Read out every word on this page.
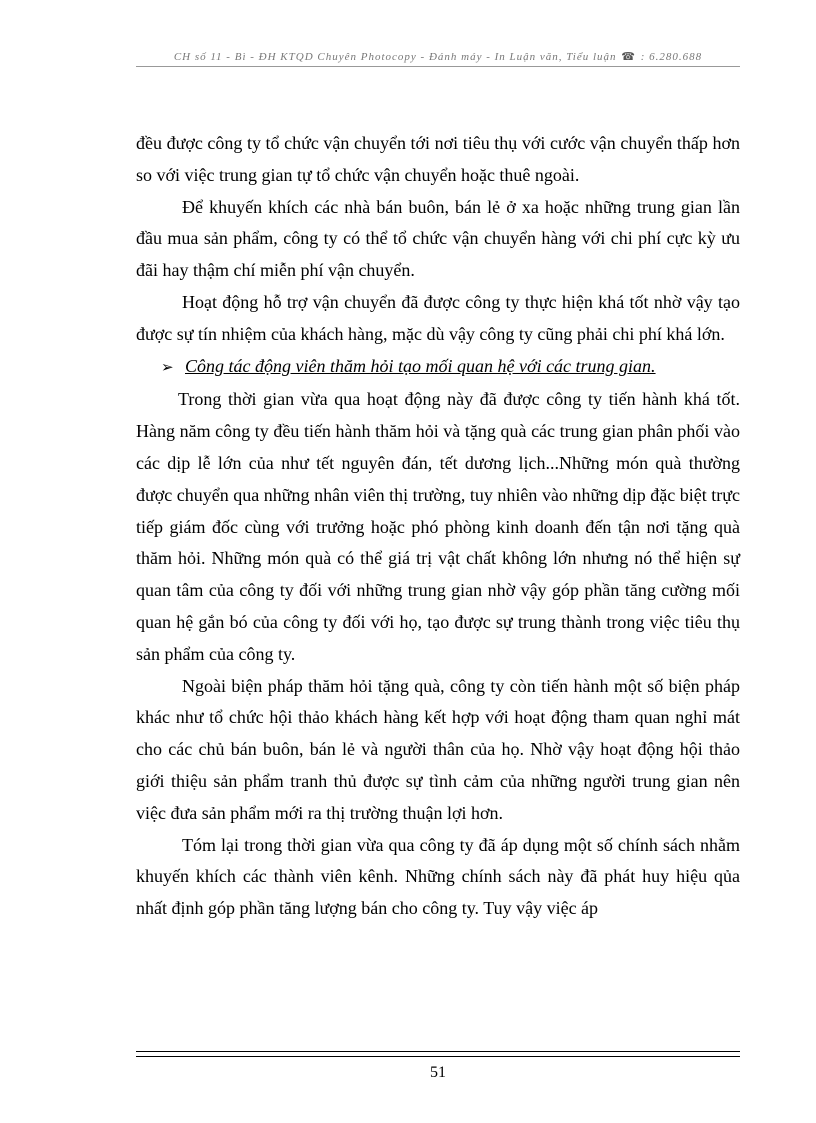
CH số 11 - Bì - ĐH KTQD Chuyên Photocopy - Đánh máy - In Luận văn, Tiểu luận ☎ : 6.280.688

đều được công ty tổ chức vận chuyển tới nơi tiêu thụ với cước vận chuyển thấp hơn so với việc trung gian tự tổ chức vận chuyển hoặc thuê ngoài.

Để khuyến khích các nhà bán buôn, bán lẻ ở xa hoặc những trung gian lần đầu mua sản phẩm, công ty có thể tổ chức vận chuyển hàng với chi phí cực kỳ ưu đãi hay thậm chí miễn phí vận chuyển.

Hoạt động hỗ trợ vận chuyển đã được công ty thực hiện khá tốt nhờ vậy tạo được sự tín nhiệm của khách hàng, mặc dù vậy công ty cũng phải chi phí khá lớn.

➢ Công tác động viên thăm hỏi tạo mối quan hệ với các trung gian.

Trong thời gian vừa qua hoạt động này đã được công ty tiến hành khá tốt. Hàng năm công ty đều tiến hành thăm hỏi và tặng quà các trung gian phân phối vào các dịp lễ lớn của như tết nguyên đán, tết dương lịch...Những món quà thường được chuyển qua những nhân viên thị trường, tuy nhiên vào những dịp đặc biệt trực tiếp giám đốc cùng với trưởng hoặc phó phòng kinh doanh đến tận nơi tặng quà thăm hỏi. Những món quà có thể giá trị vật chất không lớn nhưng nó thể hiện sự quan tâm của công ty đối với những trung gian nhờ vậy góp phần tăng cường mối quan hệ gắn bó của công ty đối với họ, tạo được sự trung thành trong việc tiêu thụ sản phẩm của công ty.

Ngoài biện pháp thăm hỏi tặng quà, công ty còn tiến hành một số biện pháp khác như tổ chức hội thảo khách hàng kết hợp với hoạt động tham quan nghỉ mát cho các chủ bán buôn, bán lẻ và người thân của họ. Nhờ vậy hoạt động hội thảo giới thiệu sản phẩm tranh thủ được sự tình cảm của những người trung gian nên việc đưa sản phẩm mới ra thị trường thuận lợi hơn.

Tóm lại trong thời gian vừa qua công ty đã áp dụng một số chính sách nhằm khuyến khích các thành viên kênh. Những chính sách này đã phát huy hiệu qủa nhất định góp phần tăng lượng bán cho công ty. Tuy vậy việc áp

51
